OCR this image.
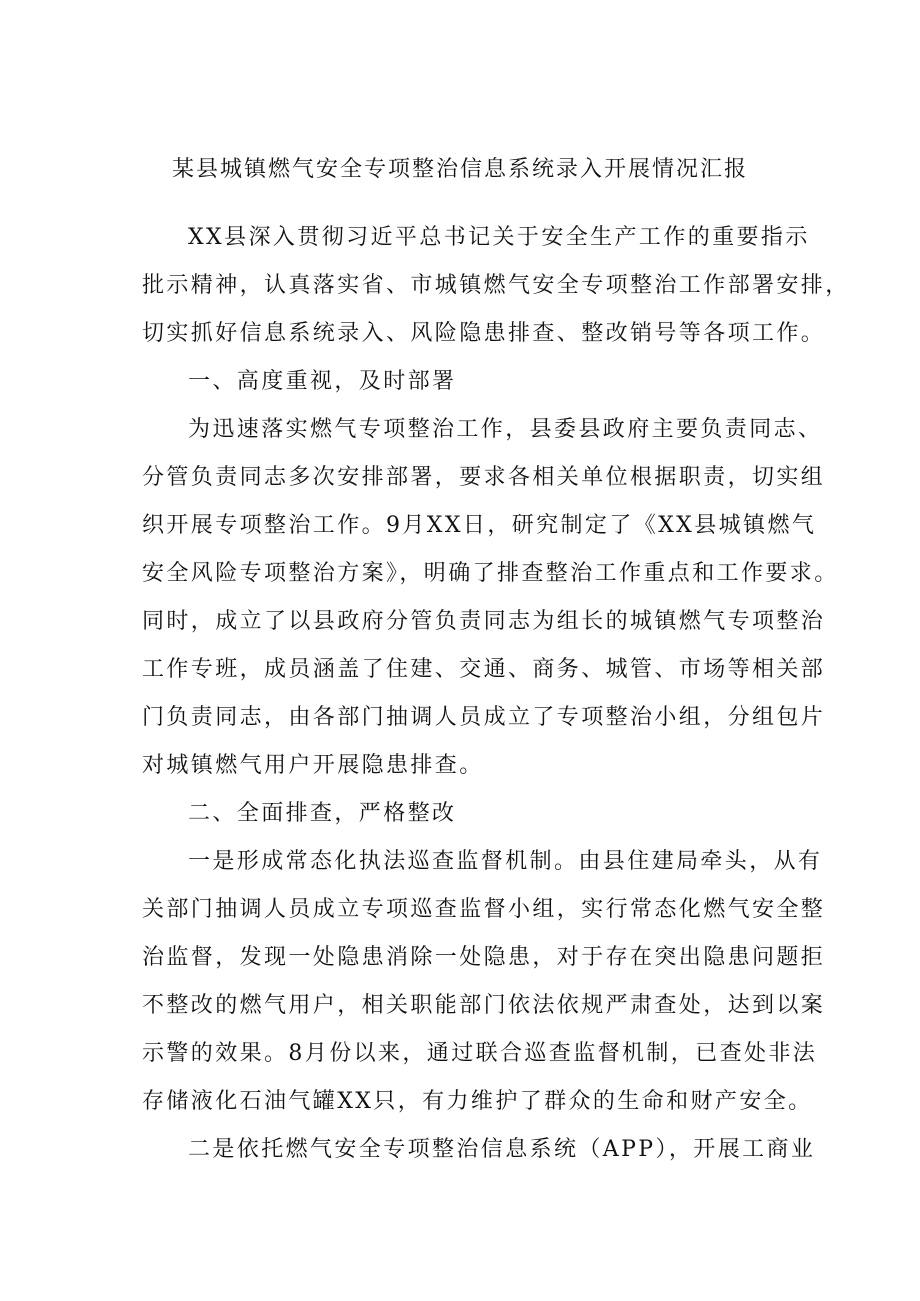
某县城镇燃气安全专项整治信息系统录入开展情况汇报
XX县深入贯彻习近平总书记关于安全生产工作的重要指示
批示精神，认真落实省、市城镇燃气安全专项整治工作部署安排，
切实抓好信息系统录入、风险隐患排查、整改销号等各项工作。
一、高度重视，及时部署
为迅速落实燃气专项整治工作，县委县政府主要负责同志、
分管负责同志多次安排部署，要求各相关单位根据职责，切实组
织开展专项整治工作。9月XX日，研究制定了《XX县城镇燃气
安全风险专项整治方案》，明确了排查整治工作重点和工作要求。
同时，成立了以县政府分管负责同志为组长的城镇燃气专项整治
工作专班，成员涵盖了住建、交通、商务、城管、市场等相关部
门负责同志，由各部门抽调人员成立了专项整治小组，分组包片
对城镇燃气用户开展隐患排查。
二、全面排查，严格整改
一是形成常态化执法巡查监督机制。由县住建局牵头，从有
关部门抽调人员成立专项巡查监督小组，实行常态化燃气安全整
治监督，发现一处隐患消除一处隐患，对于存在突出隐患问题拒
不整改的燃气用户，相关职能部门依法依规严肃查处，达到以案
示警的效果。8月份以来，通过联合巡查监督机制，已查处非法
存储液化石油气罐XX只，有力维护了群众的生命和财产安全。
二是依托燃气安全专项整治信息系统（APP），开展工商业
